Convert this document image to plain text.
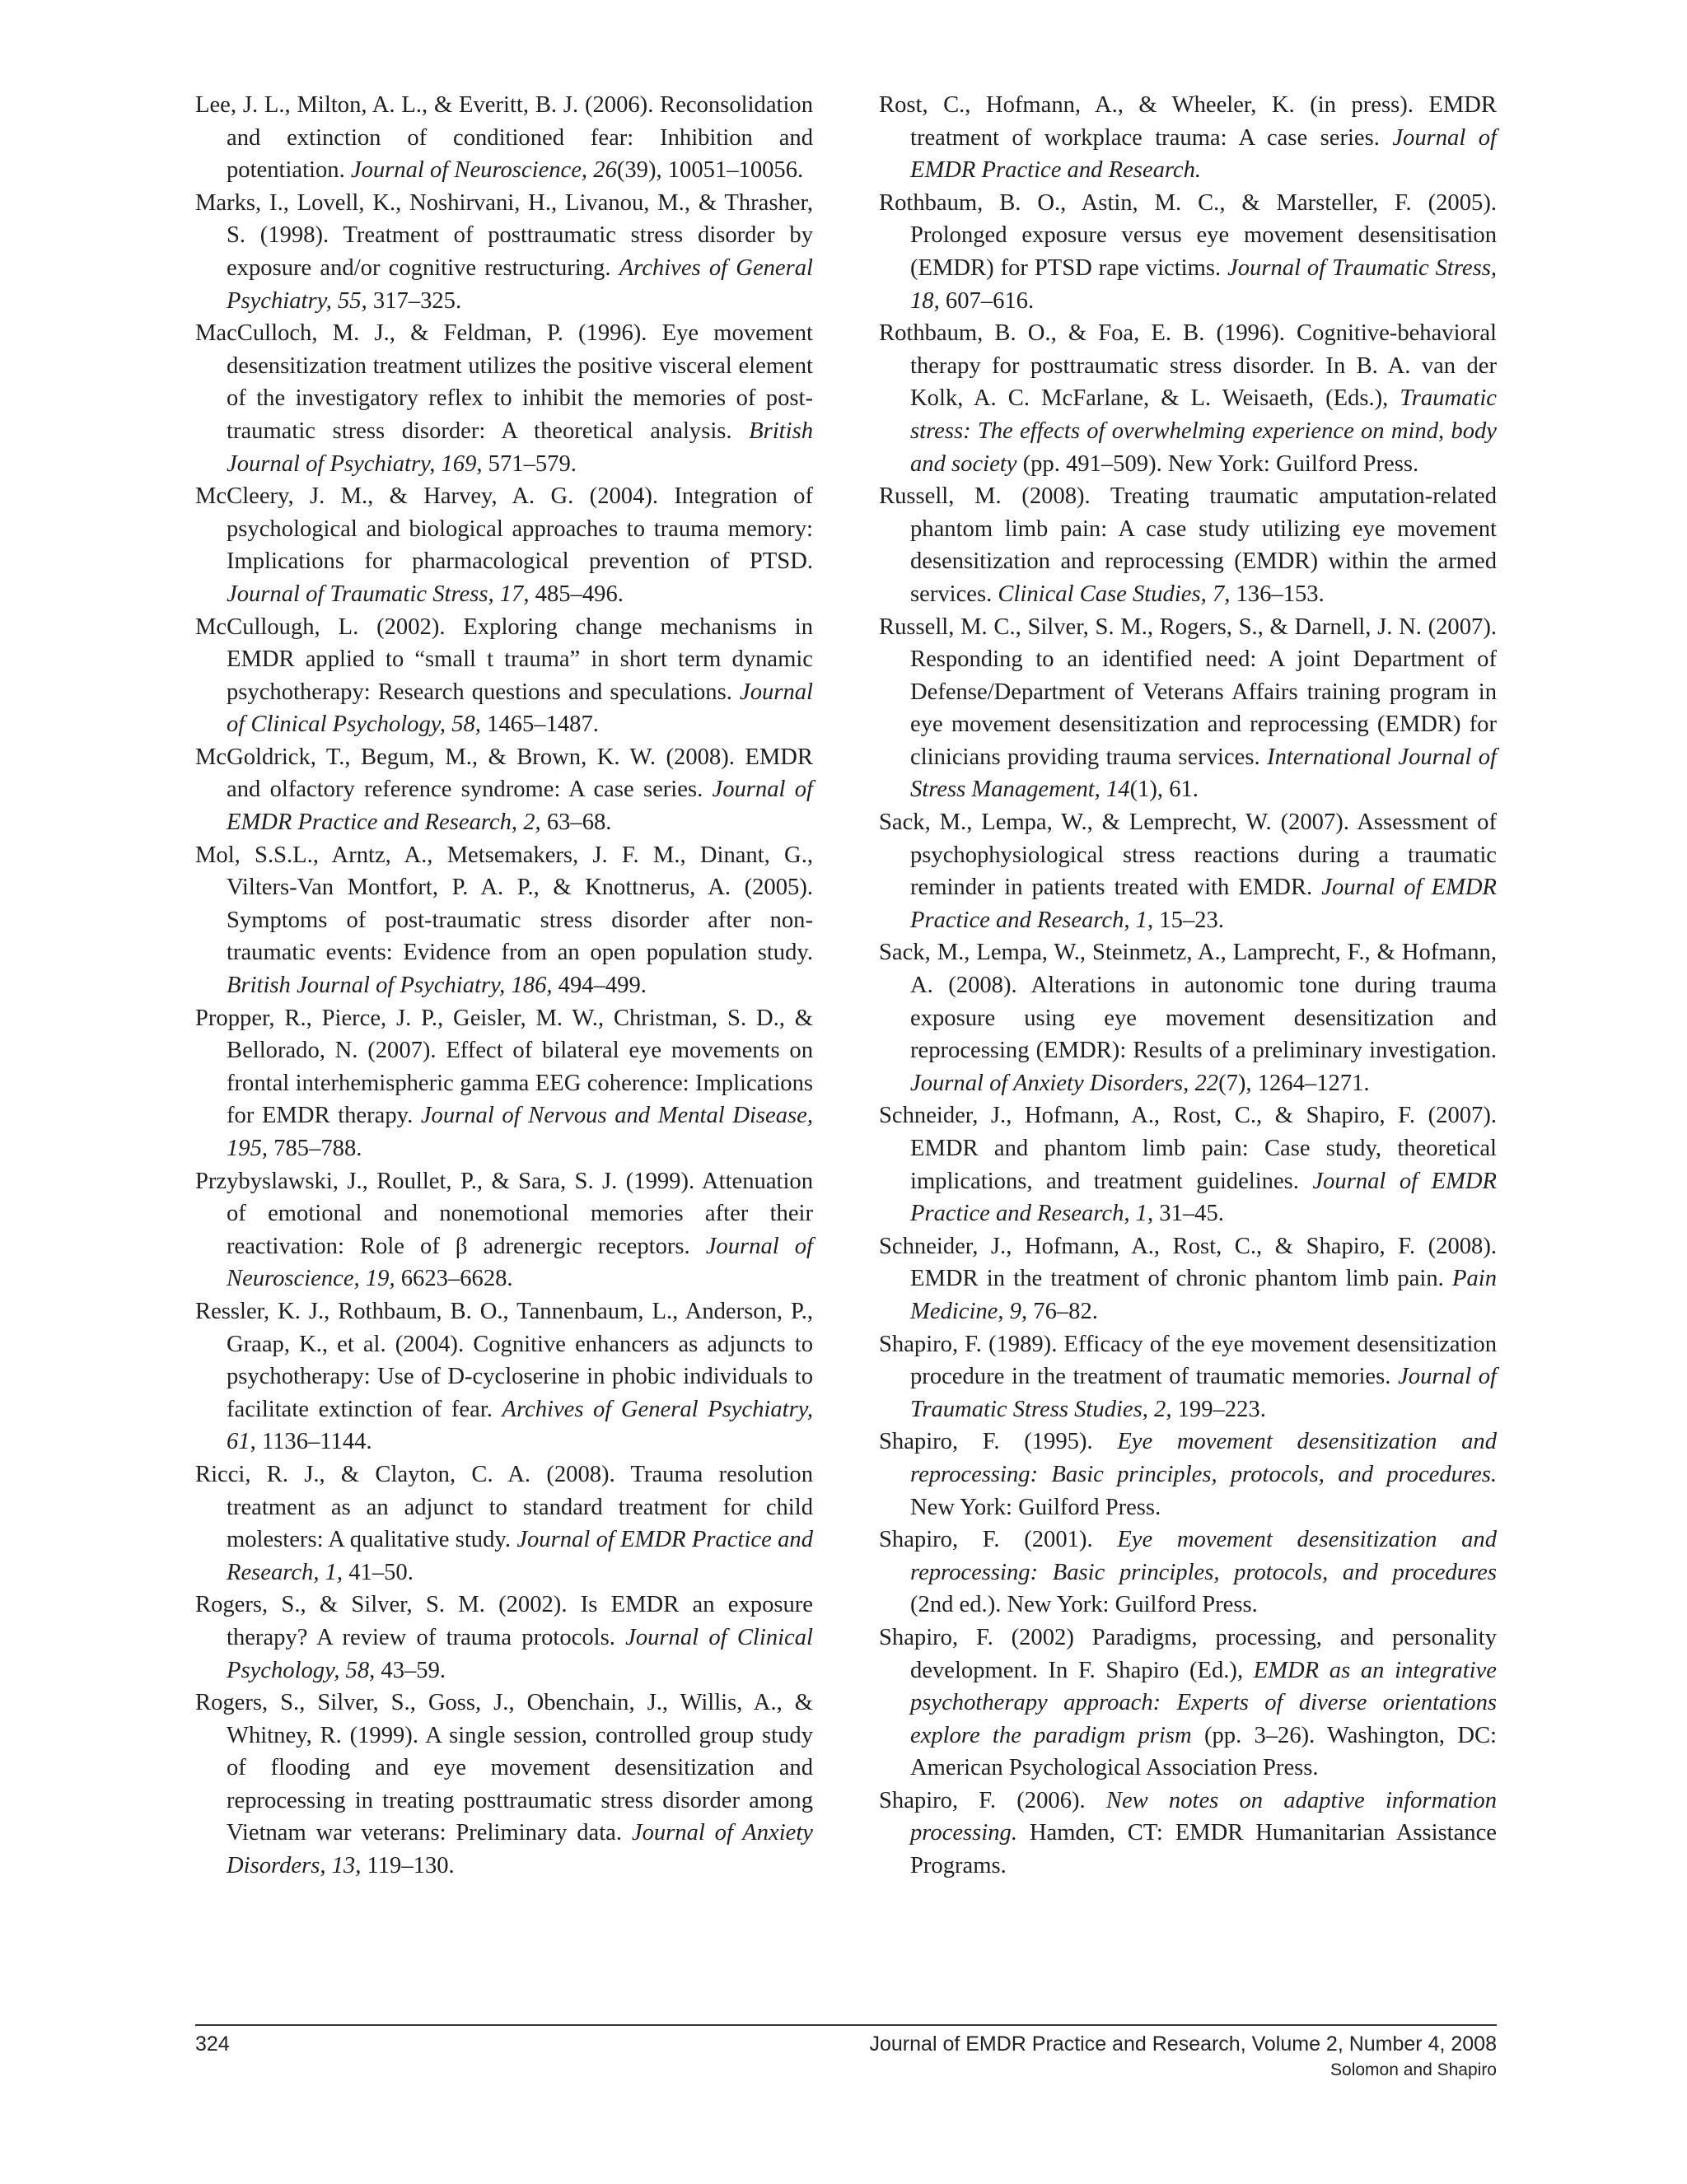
Lee, J. L., Milton, A. L., & Everitt, B. J. (2006). Reconsolidation and extinction of conditioned fear: Inhibition and potentiation. Journal of Neuroscience, 26(39), 10051–10056.

Marks, I., Lovell, K., Noshirvani, H., Livanou, M., & Thrasher, S. (1998). Treatment of posttraumatic stress disorder by exposure and/or cognitive restructuring. Archives of General Psychiatry, 55, 317–325.

MacCulloch, M. J., & Feldman, P. (1996). Eye movement desensitization treatment utilizes the positive visceral element of the investigatory reflex to inhibit the memories of post-traumatic stress disorder: A theoretical analysis. British Journal of Psychiatry, 169, 571–579.

McCleery, J. M., & Harvey, A. G. (2004). Integration of psychological and biological approaches to trauma memory: Implications for pharmacological prevention of PTSD. Journal of Traumatic Stress, 17, 485–496.

McCullough, L. (2002). Exploring change mechanisms in EMDR applied to “small t trauma” in short term dynamic psychotherapy: Research questions and speculations. Journal of Clinical Psychology, 58, 1465–1487.

McGoldrick, T., Begum, M., & Brown, K. W. (2008). EMDR and olfactory reference syndrome: A case series. Journal of EMDR Practice and Research, 2, 63–68.

Mol, S.S.L., Arntz, A., Metsemakers, J. F. M., Dinant, G., Vilters-Van Montfort, P. A. P., & Knottnerus, A. (2005). Symptoms of post-traumatic stress disorder after non-traumatic events: Evidence from an open population study. British Journal of Psychiatry, 186, 494–499.

Propper, R., Pierce, J. P., Geisler, M. W., Christman, S. D., & Bellorado, N. (2007). Effect of bilateral eye movements on frontal interhemispheric gamma EEG coherence: Implications for EMDR therapy. Journal of Nervous and Mental Disease, 195, 785–788.

Przybyslawski, J., Roullet, P., & Sara, S. J. (1999). Attenuation of emotional and nonemotional memories after their reactivation: Role of β adrenergic receptors. Journal of Neuroscience, 19, 6623–6628.

Ressler, K. J., Rothbaum, B. O., Tannenbaum, L., Anderson, P., Graap, K., et al. (2004). Cognitive enhancers as adjuncts to psychotherapy: Use of D-cycloserine in phobic individuals to facilitate extinction of fear. Archives of General Psychiatry, 61, 1136–1144.

Ricci, R. J., & Clayton, C. A. (2008). Trauma resolution treatment as an adjunct to standard treatment for child molesters: A qualitative study. Journal of EMDR Practice and Research, 1, 41–50.

Rogers, S., & Silver, S. M. (2002). Is EMDR an exposure therapy? A review of trauma protocols. Journal of Clinical Psychology, 58, 43–59.

Rogers, S., Silver, S., Goss, J., Obenchain, J., Willis, A., & Whitney, R. (1999). A single session, controlled group study of flooding and eye movement desensitization and reprocessing in treating posttraumatic stress disorder among Vietnam war veterans: Preliminary data. Journal of Anxiety Disorders, 13, 119–130.

Rost, C., Hofmann, A., & Wheeler, K. (in press). EMDR treatment of workplace trauma: A case series. Journal of EMDR Practice and Research.

Rothbaum, B. O., Astin, M. C., & Marsteller, F. (2005). Prolonged exposure versus eye movement desensitisation (EMDR) for PTSD rape victims. Journal of Traumatic Stress, 18, 607–616.

Rothbaum, B. O., & Foa, E. B. (1996). Cognitive-behavioral therapy for posttraumatic stress disorder. In B. A. van der Kolk, A. C. McFarlane, & L. Weisaeth, (Eds.), Traumatic stress: The effects of overwhelming experience on mind, body and society (pp. 491–509). New York: Guilford Press.

Russell, M. (2008). Treating traumatic amputation-related phantom limb pain: A case study utilizing eye movement desensitization and reprocessing (EMDR) within the armed services. Clinical Case Studies, 7, 136–153.

Russell, M. C., Silver, S. M., Rogers, S., & Darnell, J. N. (2007). Responding to an identified need: A joint Department of Defense/Department of Veterans Affairs training program in eye movement desensitization and reprocessing (EMDR) for clinicians providing trauma services. International Journal of Stress Management, 14(1), 61.

Sack, M., Lempa, W., & Lemprecht, W. (2007). Assessment of psychophysiological stress reactions during a traumatic reminder in patients treated with EMDR. Journal of EMDR Practice and Research, 1, 15–23.

Sack, M., Lempa, W., Steinmetz, A., Lamprecht, F., & Hofmann, A. (2008). Alterations in autonomic tone during trauma exposure using eye movement desensitization and reprocessing (EMDR): Results of a preliminary investigation. Journal of Anxiety Disorders, 22(7), 1264–1271.

Schneider, J., Hofmann, A., Rost, C., & Shapiro, F. (2007). EMDR and phantom limb pain: Case study, theoretical implications, and treatment guidelines. Journal of EMDR Practice and Research, 1, 31–45.

Schneider, J., Hofmann, A., Rost, C., & Shapiro, F. (2008). EMDR in the treatment of chronic phantom limb pain. Pain Medicine, 9, 76–82.

Shapiro, F. (1989). Efficacy of the eye movement desensitization procedure in the treatment of traumatic memories. Journal of Traumatic Stress Studies, 2, 199–223.

Shapiro, F. (1995). Eye movement desensitization and reprocessing: Basic principles, protocols, and procedures. New York: Guilford Press.

Shapiro, F. (2001). Eye movement desensitization and reprocessing: Basic principles, protocols, and procedures (2nd ed.). New York: Guilford Press.

Shapiro, F. (2002) Paradigms, processing, and personality development. In F. Shapiro (Ed.), EMDR as an integrative psychotherapy approach: Experts of diverse orientations explore the paradigm prism (pp. 3–26). Washington, DC: American Psychological Association Press.

Shapiro, F. (2006). New notes on adaptive information processing. Hamden, CT: EMDR Humanitarian Assistance Programs.

324	Journal of EMDR Practice and Research, Volume 2, Number 4, 2008
Solomon and Shapiro
